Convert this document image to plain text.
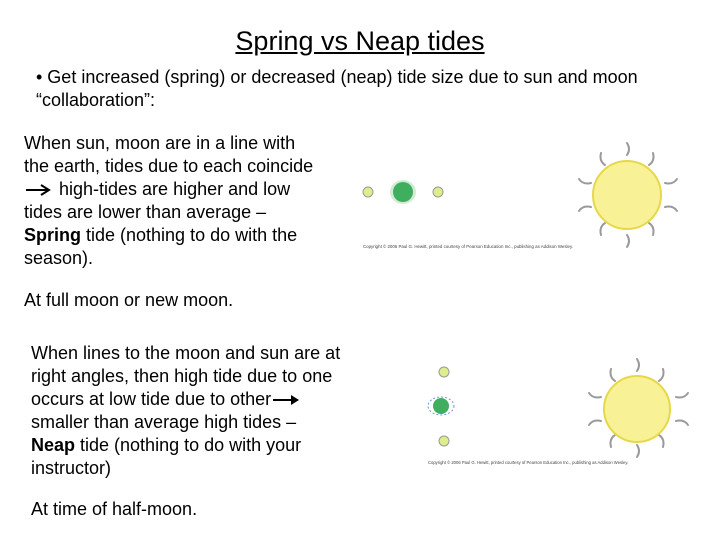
Spring vs Neap tides
• Get increased (spring) or decreased (neap) tide size due to sun and moon “collaboration”:
When sun, moon are in a line with the earth, tides due to each coincide  high-tides are higher and low tides are lower than average – Spring tide (nothing to do with the season).
At full moon or new moon.
When lines to the moon and sun are at right angles, then high tide due to one occurs at low tide due to other smaller than average high tides – Neap tide (nothing to do with your instructor)
At time of half-moon.
Copyright © 2006 Paul G. Hewitt, printed courtesy of Pearson Education Inc., publishing as Addison Wesley.
Copyright © 2006 Paul G. Hewitt, printed courtesy of Pearson Education Inc., publishing as Addison Wesley.
